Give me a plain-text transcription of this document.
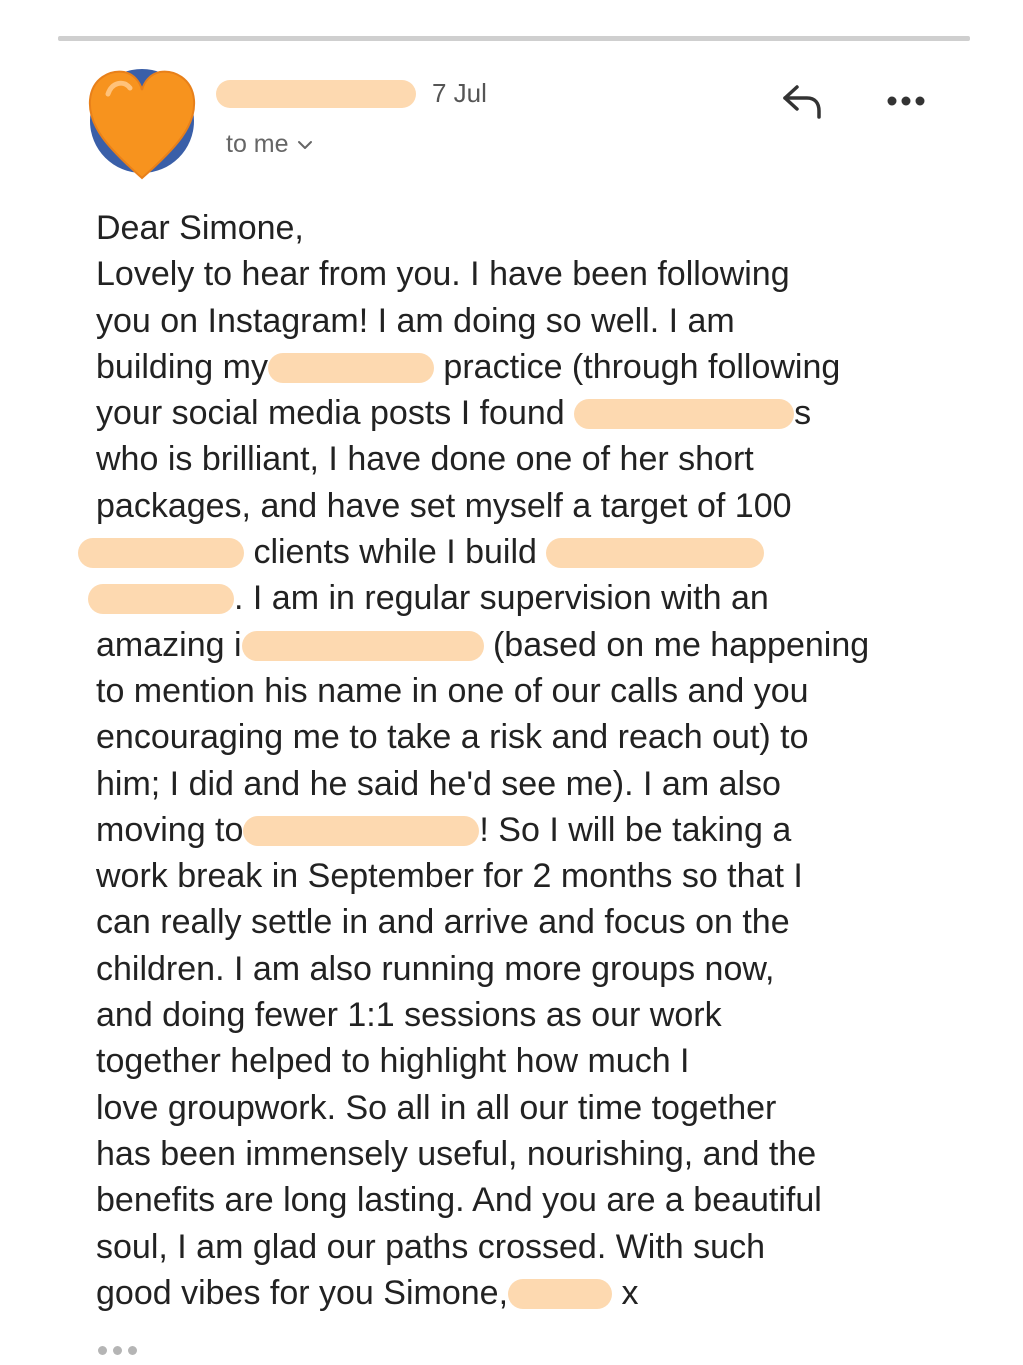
7 Jul
to me
Dear Simone,
Lovely to hear from you. I have been following
you on Instagram! I am doing so well. I am
building my	practice (through following
your social media posts I found	s
who is brilliant, I have done one of her short
packages, and have set myself a target of 100
clients while I build
. I am in regular supervision with an
amazing i	(based on me happening
to mention his name in one of our calls and you
encouraging me to take a risk and reach out) to
him; I did and he said he'd see me). I am also
moving to	! So I will be taking a
work break in September for 2 months so that I
can really settle in and arrive and focus on the
children. I am also running more groups now,
and doing fewer 1:1 sessions as our work
together helped to highlight how much I
love groupwork. So all in all our time together
has been immensely useful, nourishing, and the
benefits are long lasting. And you are a beautiful
soul, I am glad our paths crossed. With such
good vibes for you Simone,	x
